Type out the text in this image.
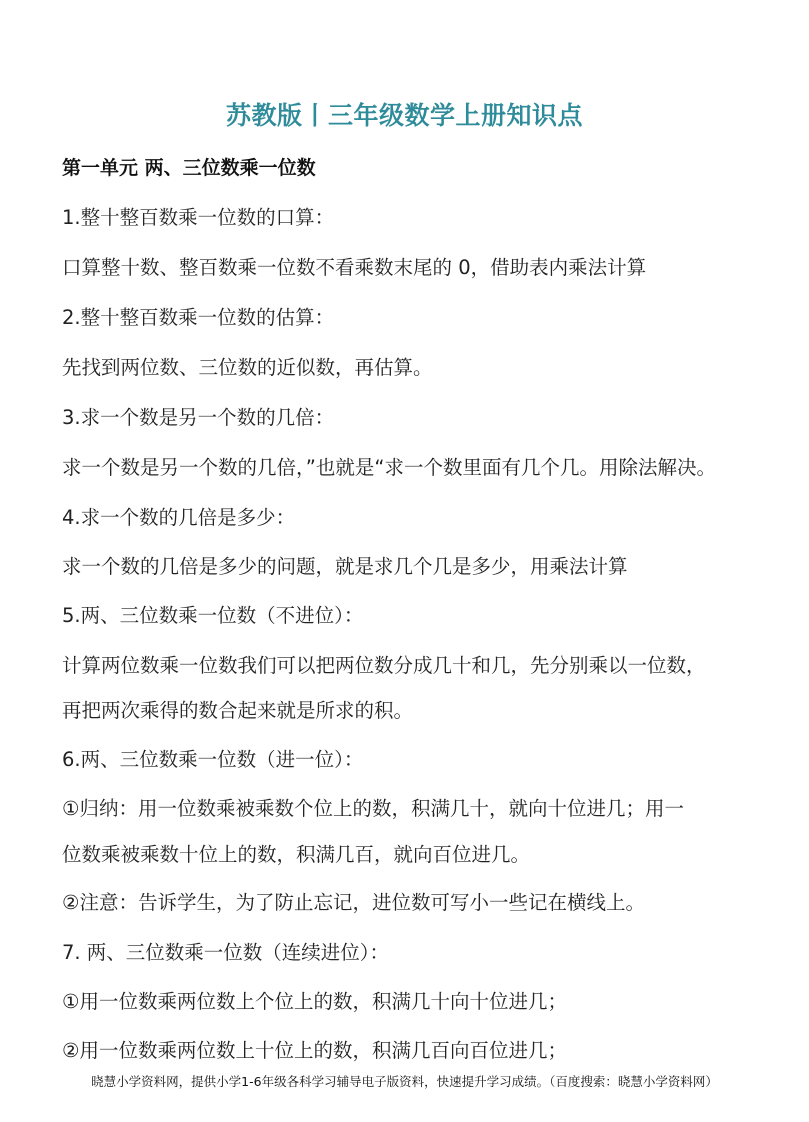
苏教版丨三年级数学上册知识点
第一单元 两、三位数乘一位数
1.整十整百数乘一位数的口算：
口算整十数、整百数乘一位数不看乘数末尾的 0，借助表内乘法计算
2.整十整百数乘一位数的估算：
先找到两位数、三位数的近似数，再估算。
3.求一个数是另一个数的几倍：
求一个数是另一个数的几倍，”也就是“求一个数里面有几个几。用除法解决。
4.求一个数的几倍是多少：
求一个数的几倍是多少的问题，就是求几个几是多少，用乘法计算
5.两、三位数乘一位数（不进位）：
计算两位数乘一位数我们可以把两位数分成几十和几，先分别乘以一位数，
再把两次乘得的数合起来就是所求的积。
6.两、三位数乘一位数（进一位）：
①归纳：用一位数乘被乘数个位上的数，积满几十，就向十位进几；用一
位数乘被乘数十位上的数，积满几百，就向百位进几。
②注意：告诉学生，为了防止忘记，进位数可写小一些记在横线上。
7. 两、三位数乘一位数（连续进位）：
①用一位数乘两位数上个位上的数，积满几十向十位进几；
②用一位数乘两位数上十位上的数，积满几百向百位进几；
晓慧小学资料网，提供小学1-6年级各科学习辅导电子版资料，快速提升学习成绩。（百度搜索：晓慧小学资料网）
